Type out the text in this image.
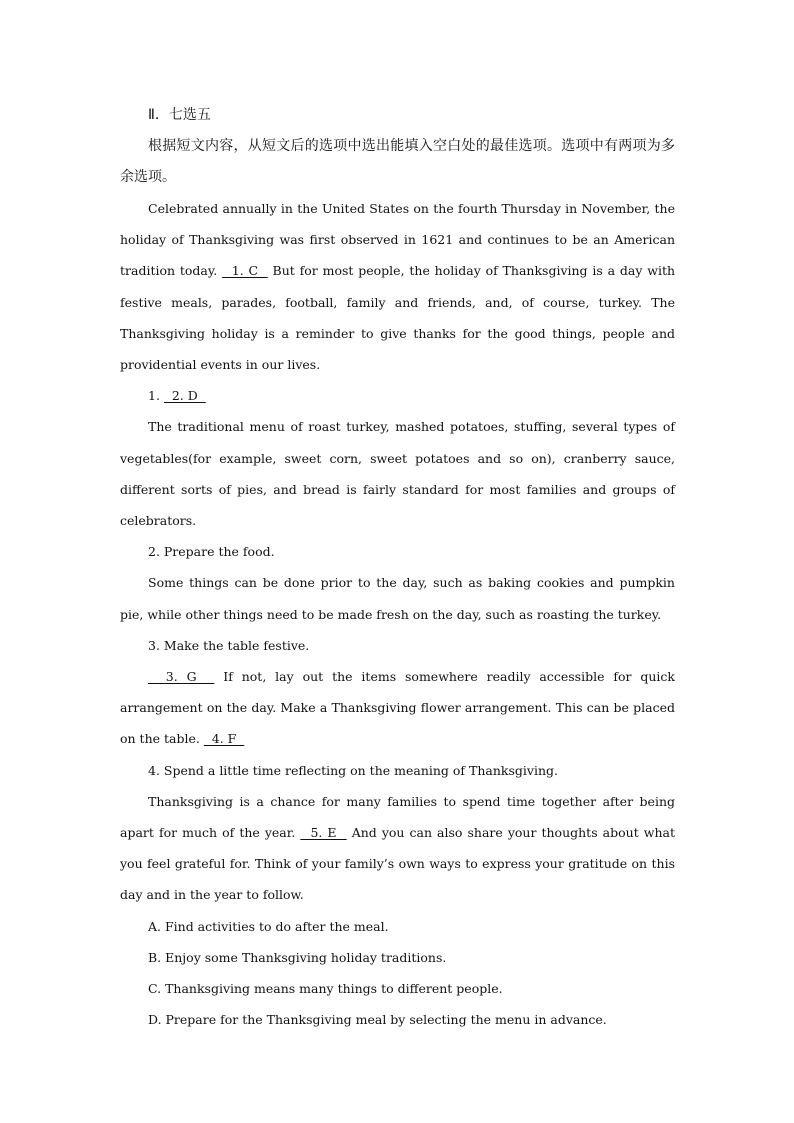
Ⅱ．七选五

根据短文内容，从短文后的选项中选出能填入空白处的最佳选项。选项中有两项为多余选项。

Celebrated annually in the United States on the fourth Thursday in November, the holiday of Thanksgiving was first observed in 1621 and continues to be an American tradition today.   1. C   But for most people, the holiday of Thanksgiving is a day with festive meals, parades, football, family and friends, and, of course, turkey. The Thanksgiving holiday is a reminder to give thanks for the good things, people and providential events in our lives.

1.   2. D

The traditional menu of roast turkey, mashed potatoes, stuffing, several types of vegetables(for example, sweet corn, sweet potatoes and so on), cranberry sauce, different sorts of pies, and bread is fairly standard for most families and groups of celebrators.

2. Prepare the food.

Some things can be done prior to the day, such as baking cookies and pumpkin pie, while other things need to be made fresh on the day, such as roasting the turkey.

3. Make the table festive.

3. G   If not, lay out the items somewhere readily accessible for quick arrangement on the day. Make a Thanksgiving flower arrangement. This can be placed on the table.   4. F

4. Spend a little time reflecting on the meaning of Thanksgiving.

Thanksgiving is a chance for many families to spend time together after being apart for much of the year.   5. E   And you can also share your thoughts about what you feel grateful for. Think of your family’s own ways to express your gratitude on this day and in the year to follow.

A. Find activities to do after the meal.

B. Enjoy some Thanksgiving holiday traditions.

C. Thanksgiving means many things to different people.

D. Prepare for the Thanksgiving meal by selecting the menu in advance.
